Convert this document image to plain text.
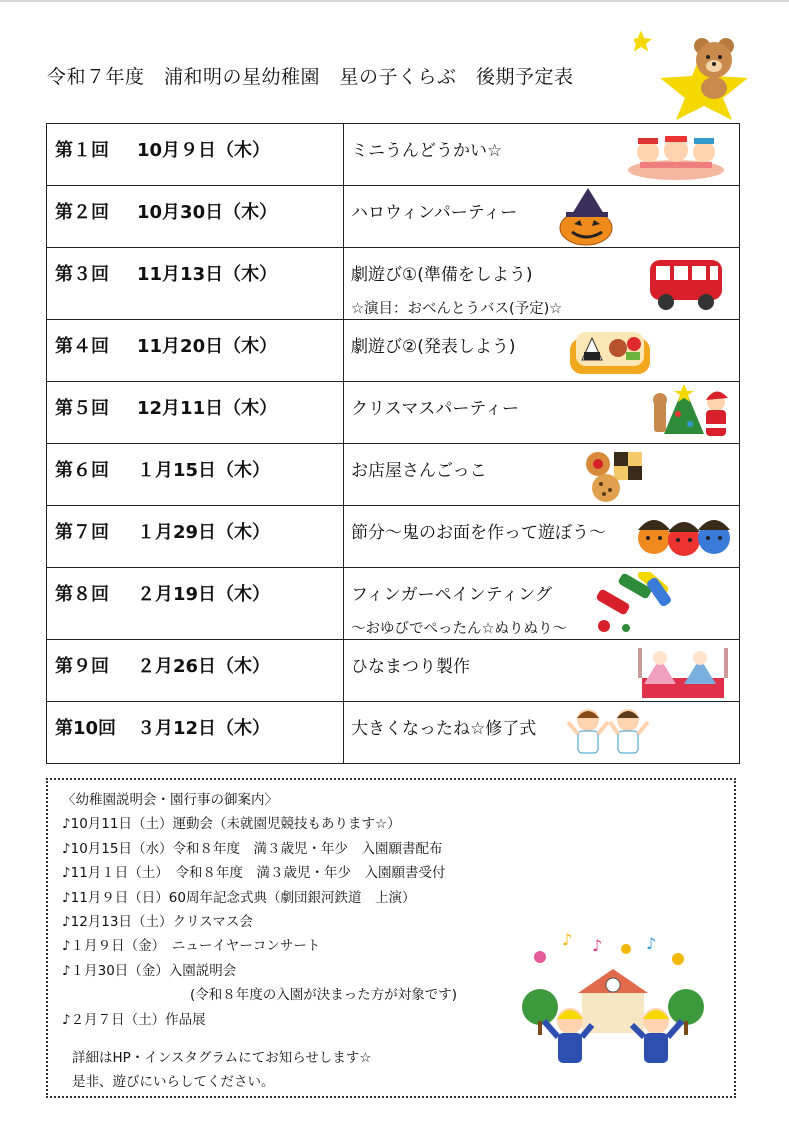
令和７年度　浦和明の星幼稚園　星の子くらぶ　後期予定表
第１回 10月９日（木）	ミニうんどうかい☆

第２回 10月30日（木）	ハロウィンパーティー

第３回 11月13日（木）	劇遊び①(準備をしよう)
☆演目：おべんとうバス(予定)☆

第４回 11月20日（木）	劇遊び②(発表しよう)

第５回 12月11日（木）	クリスマスパーティー

第６回 １月15日（木）	お店屋さんごっこ

第７回 １月29日（木）	節分～鬼のお面を作って遊ぼう～

第８回 ２月19日（木）	フィンガーペインティング
～おゆびでぺったん☆ぬりぬり～

第９回 ２月26日（木）	ひなまつり製作

第10回 ３月12日（木）	大きくなったね☆修了式
〈幼稚園説明会・園行事の御案内〉
♪10月11日（土）運動会（未就園児競技もあります☆）
♪10月15日（水）令和８年度　満３歳児・年少　入園願書配布
♪11月１日（土）　令和８年度　満３歳児・年少　入園願書受付
♪11月９日（日）60周年記念式典（劇団銀河鉄道　上演）
♪12月13日（土）クリスマス会
♪１月９日（金）　ニューイヤーコンサート
♪１月30日（金）入園説明会
(令和８年度の入園が決まった方が対象です)
♪２月７日（土）作品展
詳細はHP・インスタグラムにてお知らせします☆
是非、遊びにいらしてください。
♪ ♪	♪
